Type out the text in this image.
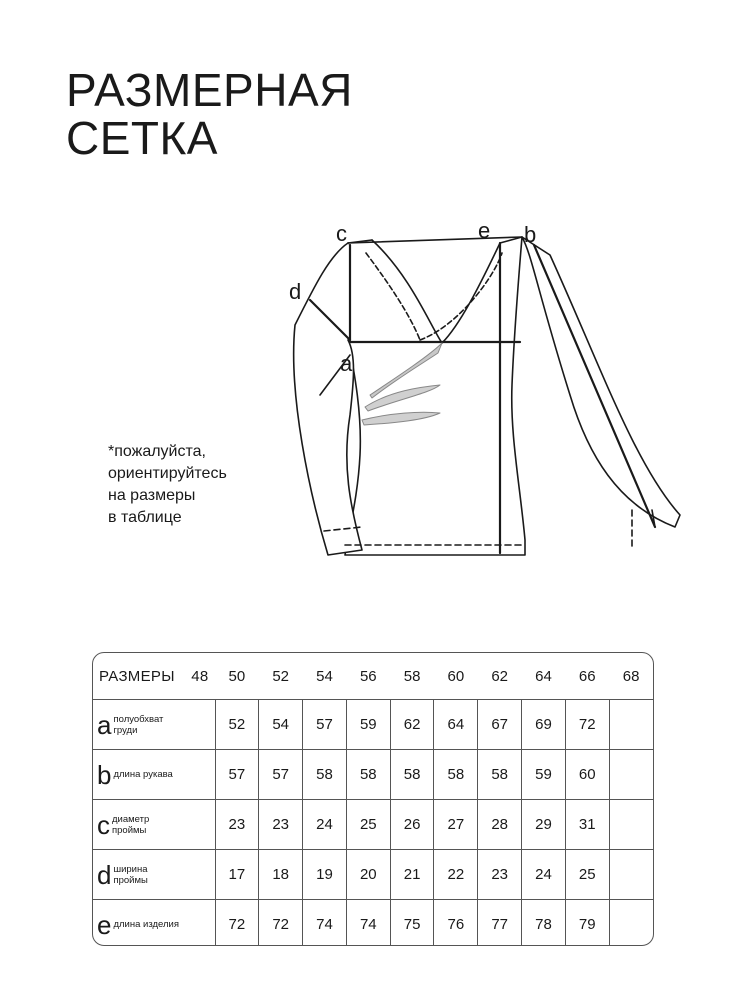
РАЗМЕРНАЯ
СЕТКА
c	e b
d
a

*пожалуйста,
ориентируйтесь
на размеры
в таблице

РАЗМЕРЫ 48	50	52	54	56	58	60	62	64	66	68
a полуобхват груди	52	54	57	59	62	64	67	69	72	
b длина рукава	57	57	58	58	58	58	58	59	60	
c диаметр проймы	23	23	24	25	26	27	28	29	31	
d ширина проймы	17	18	19	20	21	22	23	24	25	
e длина изделия	72	72	74	74	75	76	77	78	79	
